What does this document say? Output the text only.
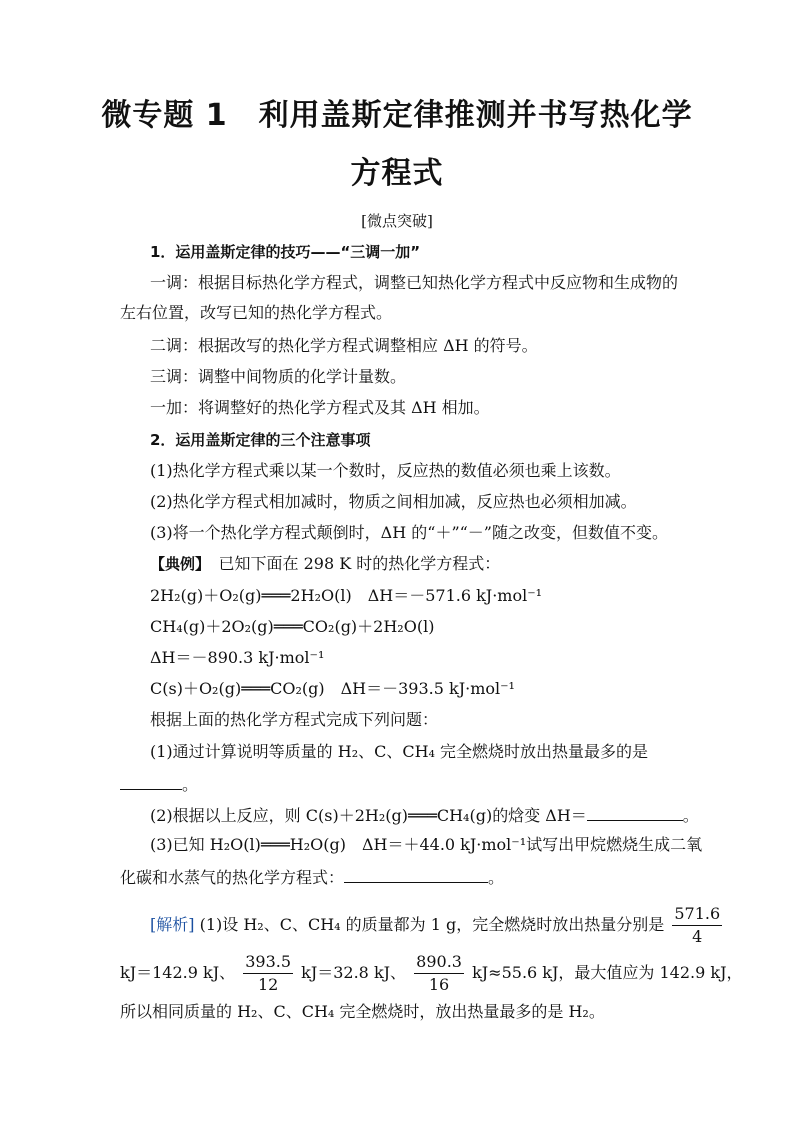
微专题 1　利用盖斯定律推测并书写热化学
方程式
[微点突破]
1．运用盖斯定律的技巧——“三调一加”
一调：根据目标热化学方程式，调整已知热化学方程式中反应物和生成物的
左右位置，改写已知的热化学方程式。
二调：根据改写的热化学方程式调整相应 ΔH 的符号。
三调：调整中间物质的化学计量数。
一加：将调整好的热化学方程式及其 ΔH 相加。
2．运用盖斯定律的三个注意事项
(1)热化学方程式乘以某一个数时，反应热的数值必须也乘上该数。
(2)热化学方程式相加减时，物质之间相加减，反应热也必须相加减。
(3)将一个热化学方程式颠倒时，ΔH 的“＋”“－”随之改变，但数值不变。
【典例】　已知下面在 298 K 时的热化学方程式：
2H₂(g)＋O₂(g)═══2H₂O(l)　ΔH＝－571.6 kJ·mol⁻¹
CH₄(g)＋2O₂(g)═══CO₂(g)＋2H₂O(l)
ΔH＝－890.3 kJ·mol⁻¹
C(s)＋O₂(g)═══CO₂(g)　ΔH＝－393.5 kJ·mol⁻¹
根据上面的热化学方程式完成下列问题：
(1)通过计算说明等质量的 H₂、C、CH₄ 完全燃烧时放出热量最多的是
。
(2)根据以上反应，则 C(s)＋2H₂(g)═══CH₄(g)的焓变 ΔH＝	。
(3)已知 H₂O(l)═══H₂O(g)　ΔH＝＋44.0 kJ·mol⁻¹试写出甲烷燃烧生成二氧
化碳和水蒸气的热化学方程式：	。
[解析] (1)设 H₂、C、CH₄ 的质量都为 1 g，完全燃烧时放出热量分别是 $\frac{571.6}{4}$
kJ＝142.9 kJ、 $\frac{393.5}{12} kJ=32.8$ kJ、 $\frac{890.3}{16} kJ\approx 55.6$ kJ，最大值应为 142.9 kJ，
所以相同质量的 H₂、C、CH₄ 完全燃烧时，放出热量最多的是 H₂。
